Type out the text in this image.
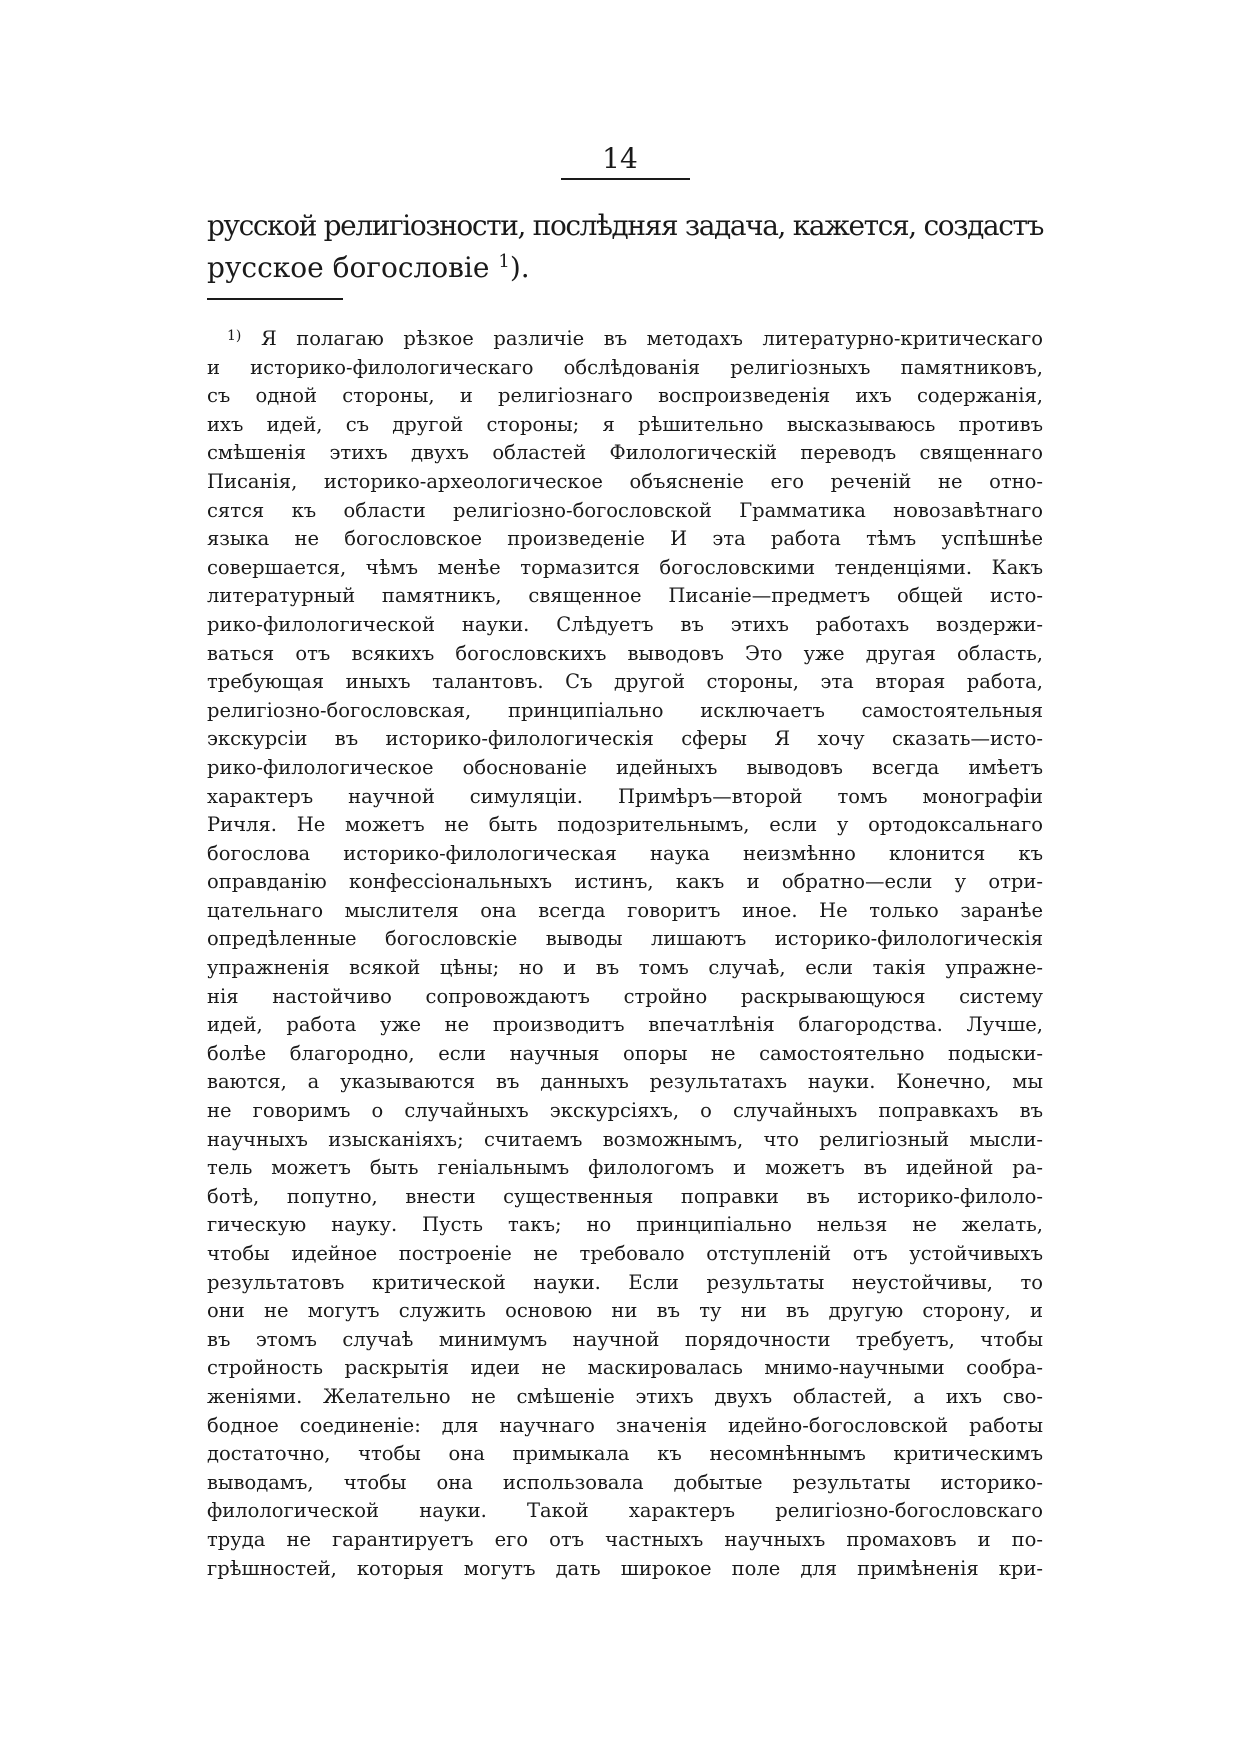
14
русской религіозности, послѣдняя задача, кажется, создастъ
русское богословіе $^1$).
$^{1)}$ Я полагаю рѣзкое различіе въ методахъ литературно-критическаго
и историко-филологическаго обслѣдованія религіозныхъ памятниковъ,
съ одной стороны, и религіознаго воспроизведенія ихъ содержанія,
ихъ идей, съ другой стороны; я рѣшительно высказываюсь противъ
смѣшенія этихъ двухъ областей Филологическій переводъ священнаго
Писанія, историко-археологическое объясненіе его реченій не отно-
сятся къ области религіозно-богословской Грамматика новозавѣтнаго
языка не богословское произведеніе И эта работа тѣмъ успѣшнѣе
совершается, чѣмъ менѣе тормазится богословскими тенденціями. Какъ
литературный памятникъ, священное Писаніе—предметъ общей исто-
рико-филологической науки. Слѣдуетъ въ этихъ работахъ воздержи-
ваться отъ всякихъ богословскихъ выводовъ Это уже другая область,
требующая иныхъ талантовъ. Съ другой стороны, эта вторая работа,
религіозно-богословская, принципіально исключаетъ самостоятельныя
экскурсіи въ историко-филологическія сферы Я хочу сказать—исто-
рико-филологическое обоснованіе идейныхъ выводовъ всегда имѣетъ
характеръ научной симуляціи. Примѣръ—второй томъ монографіи
Ричля. Не можетъ не быть подозрительнымъ, если у ортодоксальнаго
богослова историко-филологическая наука неизмѣнно клонится къ
оправданію конфессіональныхъ истинъ, какъ и обратно—если у отри-
цательнаго мыслителя она всегда говоритъ иное. Не только заранѣе
опредѣленные богословскіе выводы лишаютъ историко-филологическія
упражненія всякой цѣны; но и въ томъ случаѣ, если такія упражне-
нія настойчиво сопровождаютъ стройно раскрывающуюся систему
идей, работа уже не производитъ впечатлѣнія благородства. Лучше,
болѣе благородно, если научныя опоры не самостоятельно подыски-
ваются, а указываются въ данныхъ результатахъ науки. Конечно, мы
не говоримъ о случайныхъ экскурсіяхъ, о случайныхъ поправкахъ въ
научныхъ изысканіяхъ; считаемъ возможнымъ, что религіозный мысли-
тель можетъ быть геніальнымъ филологомъ и можетъ въ идейной ра-
ботѣ, попутно, внести существенныя поправки въ историко-филоло-
гическую науку. Пусть такъ; но принципіально нельзя не желать,
чтобы идейное построеніе не требовало отступленій отъ устойчивыхъ
результатовъ критической науки. Если результаты неустойчивы, то
они не могутъ служить основою ни въ ту ни въ другую сторону, и
въ этомъ случаѣ минимумъ научной порядочности требуетъ, чтобы
стройность раскрытія идеи не маскировалась мнимо-научными сообра-
женіями. Желательно не смѣшеніе этихъ двухъ областей, а ихъ сво-
бодное соединеніе: для научнаго значенія идейно-богословской работы
достаточно, чтобы она примыкала къ несомнѣннымъ критическимъ
выводамъ, чтобы она использовала добытые результаты историко-
филологической науки. Такой характеръ религіозно-богословскаго
труда не гарантируетъ его отъ частныхъ научныхъ промаховъ и по-
грѣшностей, которыя могутъ дать широкое поле для примѣненія кри-
